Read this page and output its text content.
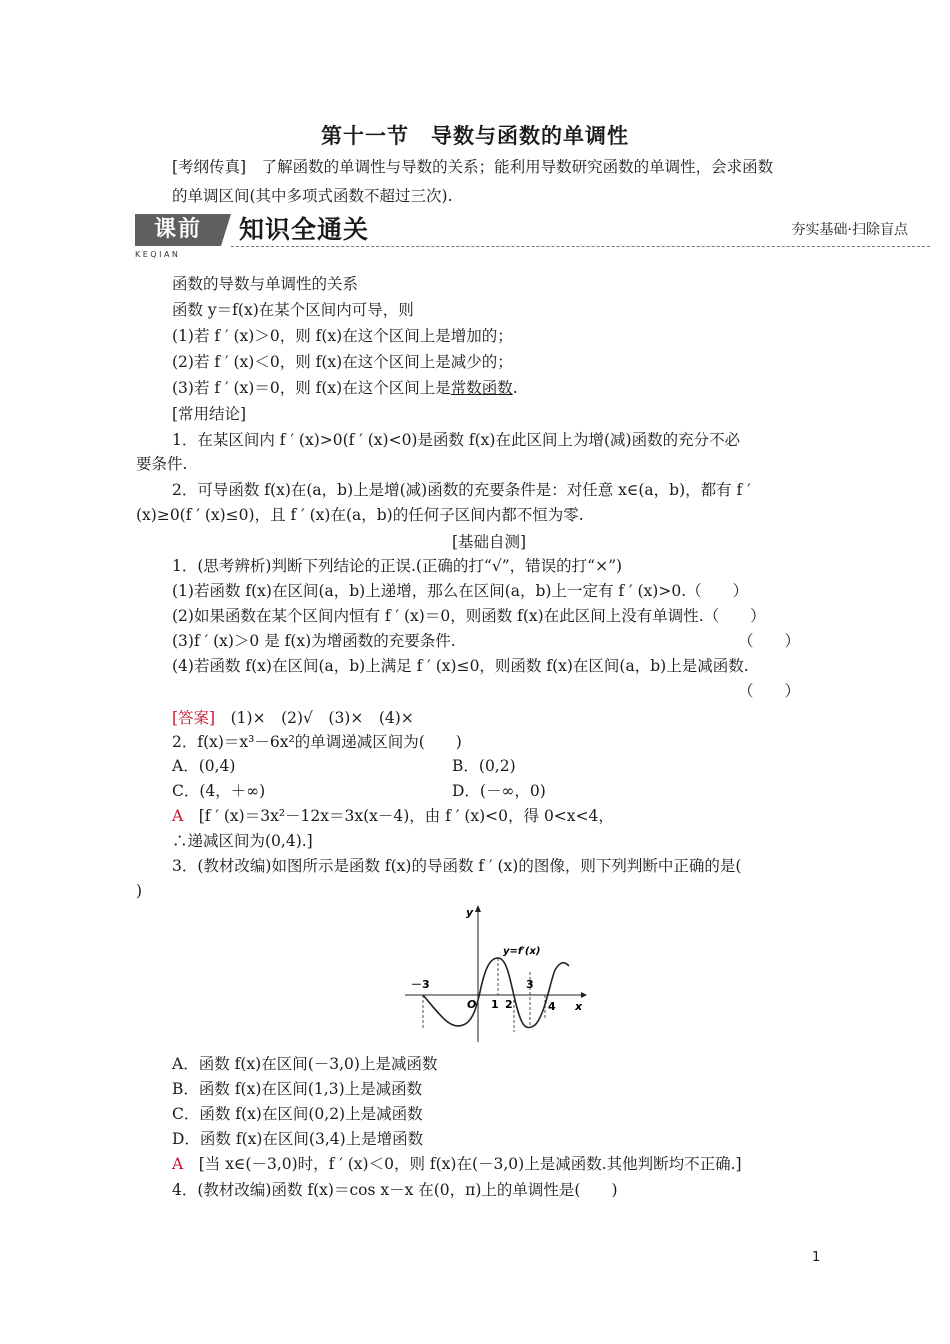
第十一节　导数与函数的单调性
[考纲传真]　了解函数的单调性与导数的关系；能利用导数研究函数的单调性，会求函数
的单调区间(其中多项式函数不超过三次).
课前
KEQIAN
知识全通关	夯实基础·扫除盲点
函数的导数与单调性的关系
函数 y＝f(x)在某个区间内可导，则
(1)若 f ′ (x)＞0，则 f(x)在这个区间上是增加的；
(2)若 f ′ (x)＜0，则 f(x)在这个区间上是减少的；
(3)若 f ′ (x)＝0，则 f(x)在这个区间上是常数函数.
[常用结论]
1．在某区间内 f ′ (x)>0(f ′ (x)<0)是函数 f(x)在此区间上为增(减)函数的充分不必
要条件.
2．可导函数 f(x)在(a，b)上是增(减)函数的充要条件是：对任意 x∈(a，b)，都有 f ′
(x)≥0(f ′ (x)≤0)，且 f ′ (x)在(a，b)的任何子区间内都不恒为零.
[基础自测]
1．(思考辨析)判断下列结论的正误.(正确的打“√”，错误的打“×”)
(1)若函数 f(x)在区间(a，b)上递增，那么在区间(a，b)上一定有 f ′ (x)>0.（　　）
(2)如果函数在某个区间内恒有 f ′ (x)＝0，则函数 f(x)在此区间上没有单调性.（　　）
(3)f ′ (x)＞0 是 f(x)为增函数的充要条件.	（　　）
(4)若函数 f(x)在区间(a，b)上满足 f ′ (x)≤0，则函数 f(x)在区间(a，b)上是减函数.
（　　）
[答案]　 (1)×　(2)√　(3)×　(4)×
2．f(x)＝x³－6x²的单调递减区间为(　　)
A．(0,4)	B．(0,2)
C．(4，＋∞)	D．(－∞，0)
A　 [f ′ (x)＝3x²－12x＝3x(x－4)，由 f ′ (x)<0，得 0<x<4，
∴递减区间为(0,4).]
3．(教材改编)如图所示是函数 f(x)的导函数 f ′ (x)的图像，则下列判断中正确的是(
)
y
x
－3
O 1 2
3
4
y=f′(x)
A．函数 f(x)在区间(－3,0)上是减函数
B．函数 f(x)在区间(1,3)上是减函数
C．函数 f(x)在区间(0,2)上是减函数
D．函数 f(x)在区间(3,4)上是增函数
A　 [当 x∈(－3,0)时，f ′ (x)＜0，则 f(x)在(－3,0)上是减函数.其他判断均不正确.]
4．(教材改编)函数 f(x)＝cos x－x 在(0，π)上的单调性是(　　)
1
